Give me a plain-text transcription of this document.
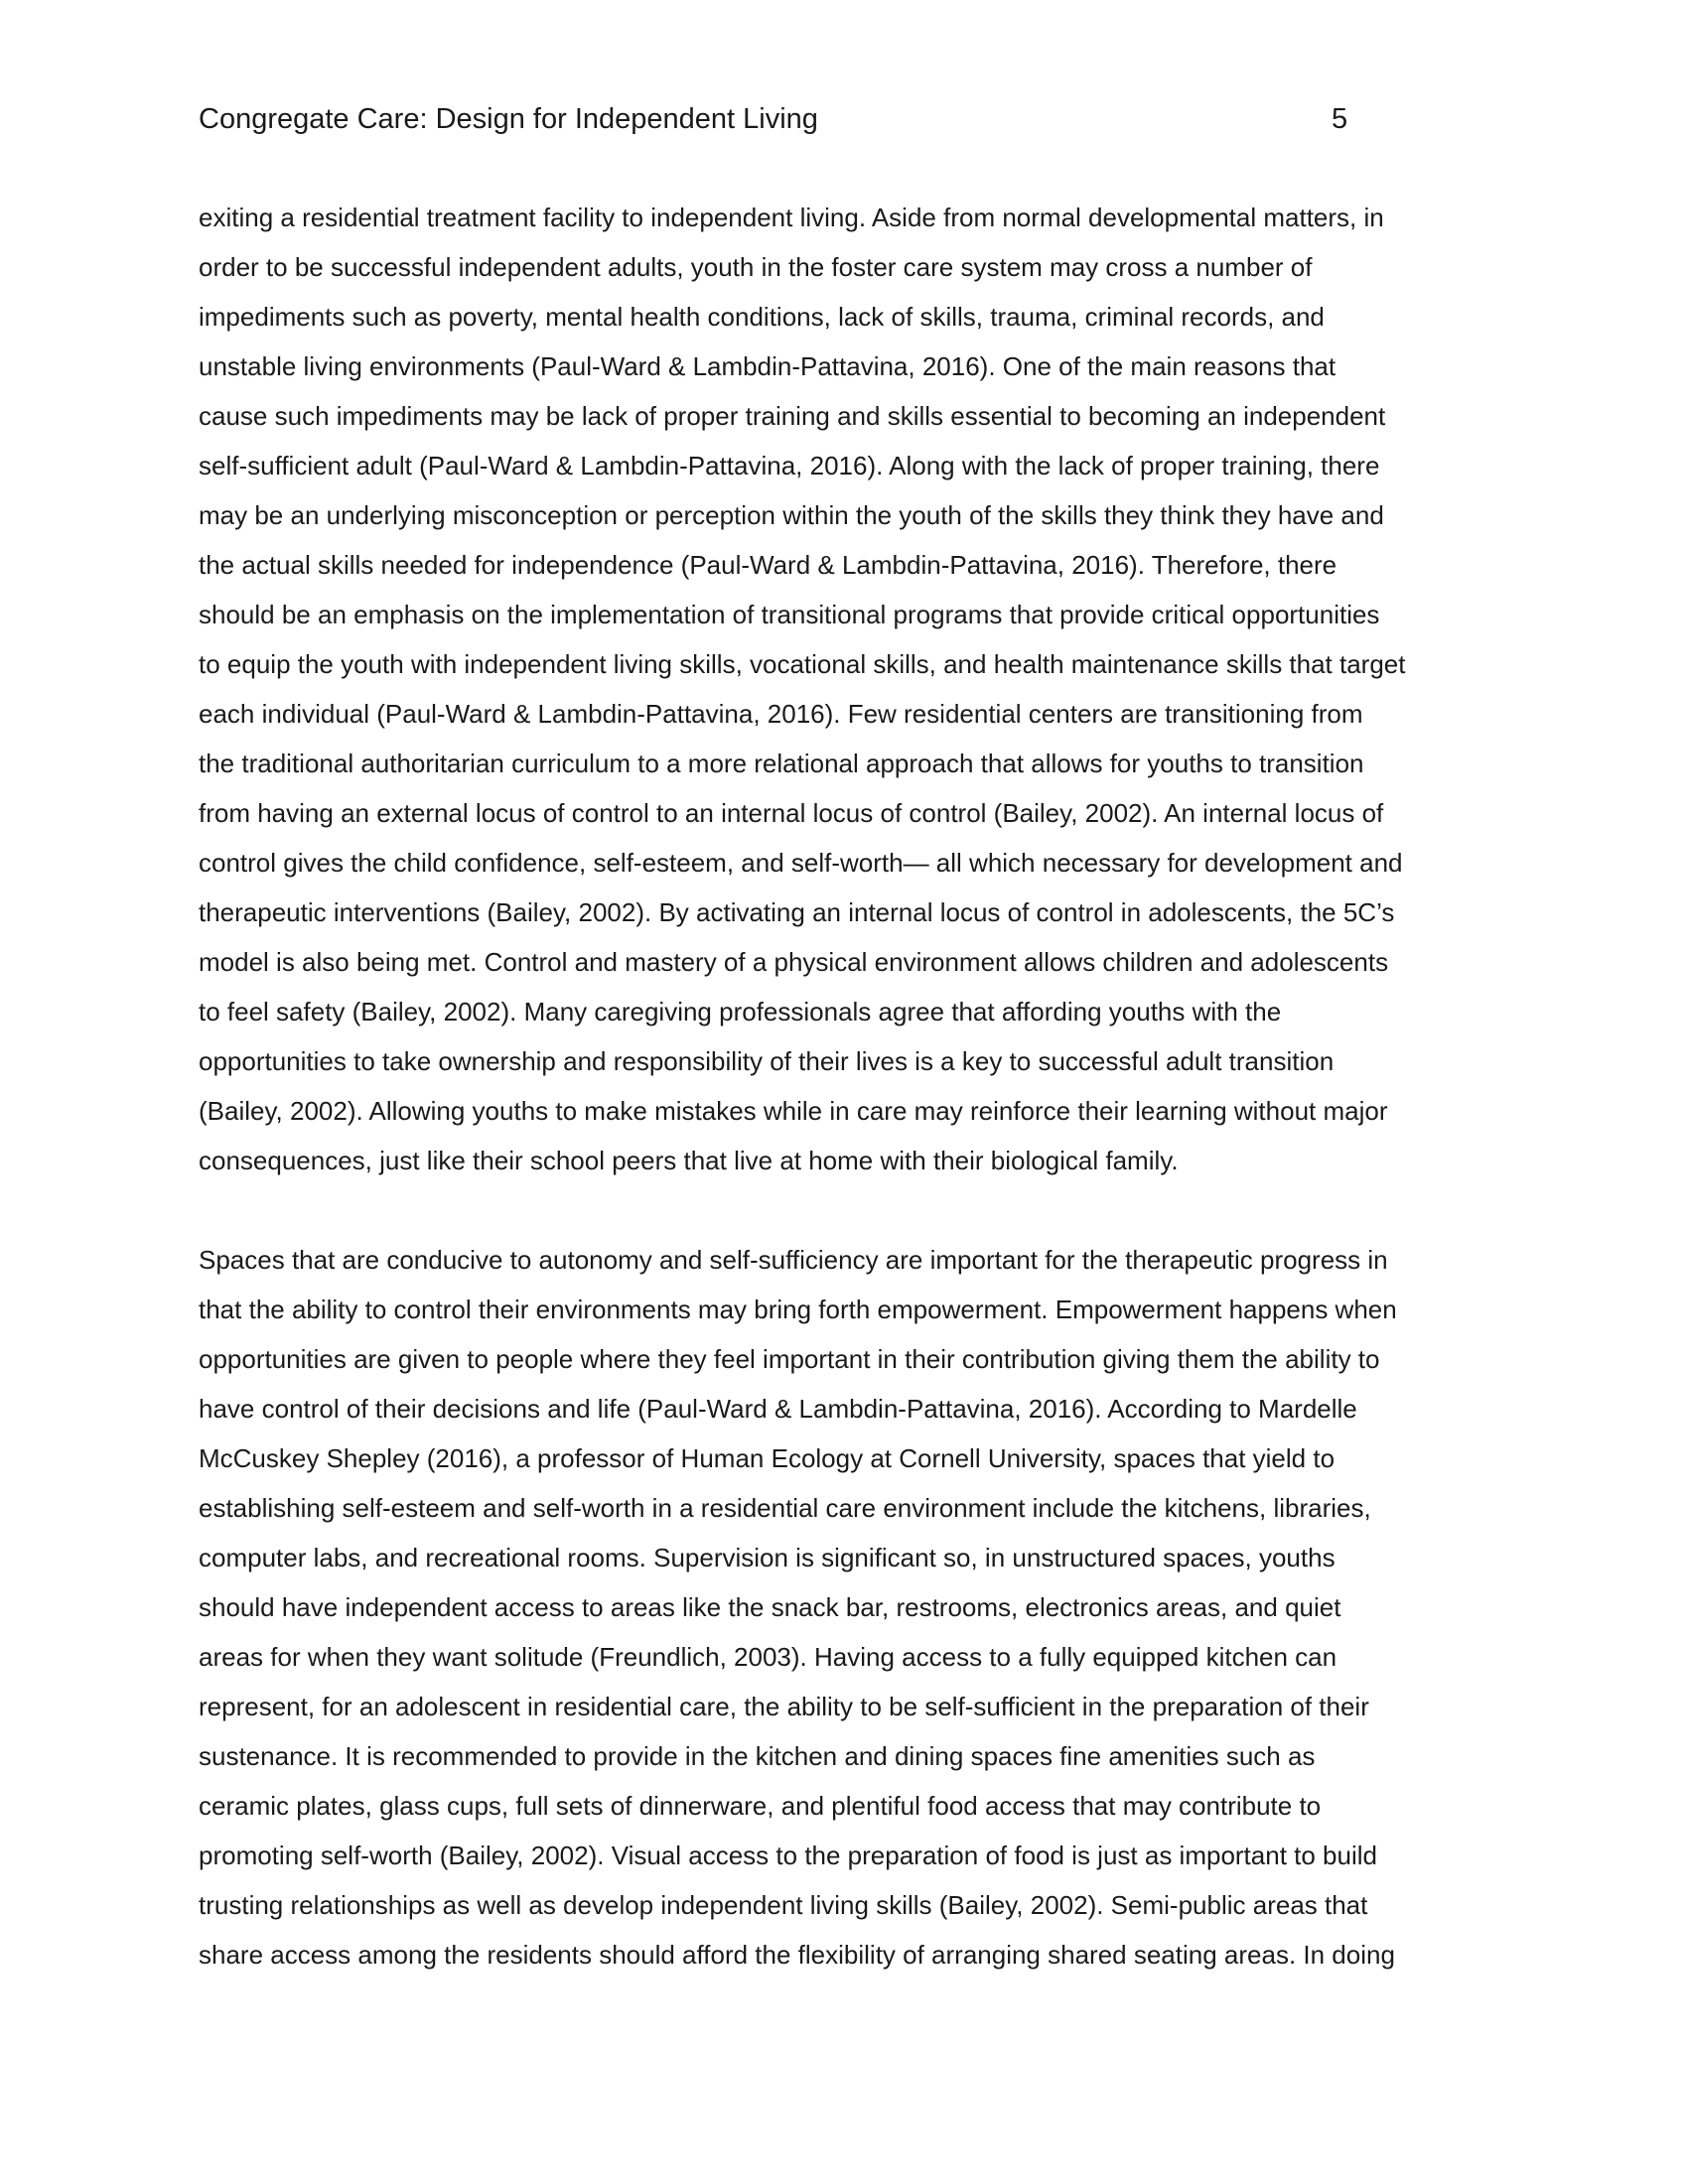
Congregate Care: Design for Independent Living	5
exiting a residential treatment facility to independent living. Aside from normal developmental matters, in
order to be successful independent adults, youth in the foster care system may cross a number of
impediments such as poverty, mental health conditions, lack of skills, trauma, criminal records, and
unstable living environments (Paul-Ward & Lambdin-Pattavina, 2016). One of the main reasons that
cause such impediments may be lack of proper training and skills essential to becoming an independent
self-sufficient adult (Paul-Ward & Lambdin-Pattavina, 2016). Along with the lack of proper training, there
may be an underlying misconception or perception within the youth of the skills they think they have and
the actual skills needed for independence (Paul-Ward & Lambdin-Pattavina, 2016). Therefore, there
should be an emphasis on the implementation of transitional programs that provide critical opportunities
to equip the youth with independent living skills, vocational skills, and health maintenance skills that target
each individual (Paul-Ward & Lambdin-Pattavina, 2016). Few residential centers are transitioning from
the traditional authoritarian curriculum to a more relational approach that allows for youths to transition
from having an external locus of control to an internal locus of control (Bailey, 2002). An internal locus of
control gives the child confidence, self-esteem, and self-worth— all which necessary for development and
therapeutic interventions (Bailey, 2002). By activating an internal locus of control in adolescents, the 5C’s
model is also being met. Control and mastery of a physical environment allows children and adolescents
to feel safety (Bailey, 2002). Many caregiving professionals agree that affording youths with the
opportunities to take ownership and responsibility of their lives is a key to successful adult transition
(Bailey, 2002). Allowing youths to make mistakes while in care may reinforce their learning without major
consequences, just like their school peers that live at home with their biological family.
Spaces that are conducive to autonomy and self-sufficiency are important for the therapeutic progress in
that the ability to control their environments may bring forth empowerment. Empowerment happens when
opportunities are given to people where they feel important in their contribution giving them the ability to
have control of their decisions and life (Paul-Ward & Lambdin-Pattavina, 2016). According to Mardelle
McCuskey Shepley (2016), a professor of Human Ecology at Cornell University, spaces that yield to
establishing self-esteem and self-worth in a residential care environment include the kitchens, libraries,
computer labs, and recreational rooms. Supervision is significant so, in unstructured spaces, youths
should have independent access to areas like the snack bar, restrooms, electronics areas, and quiet
areas for when they want solitude (Freundlich, 2003). Having access to a fully equipped kitchen can
represent, for an adolescent in residential care, the ability to be self-sufficient in the preparation of their
sustenance. It is recommended to provide in the kitchen and dining spaces fine amenities such as
ceramic plates, glass cups, full sets of dinnerware, and plentiful food access that may contribute to
promoting self-worth (Bailey, 2002). Visual access to the preparation of food is just as important to build
trusting relationships as well as develop independent living skills (Bailey, 2002). Semi-public areas that
share access among the residents should afford the flexibility of arranging shared seating areas. In doing
